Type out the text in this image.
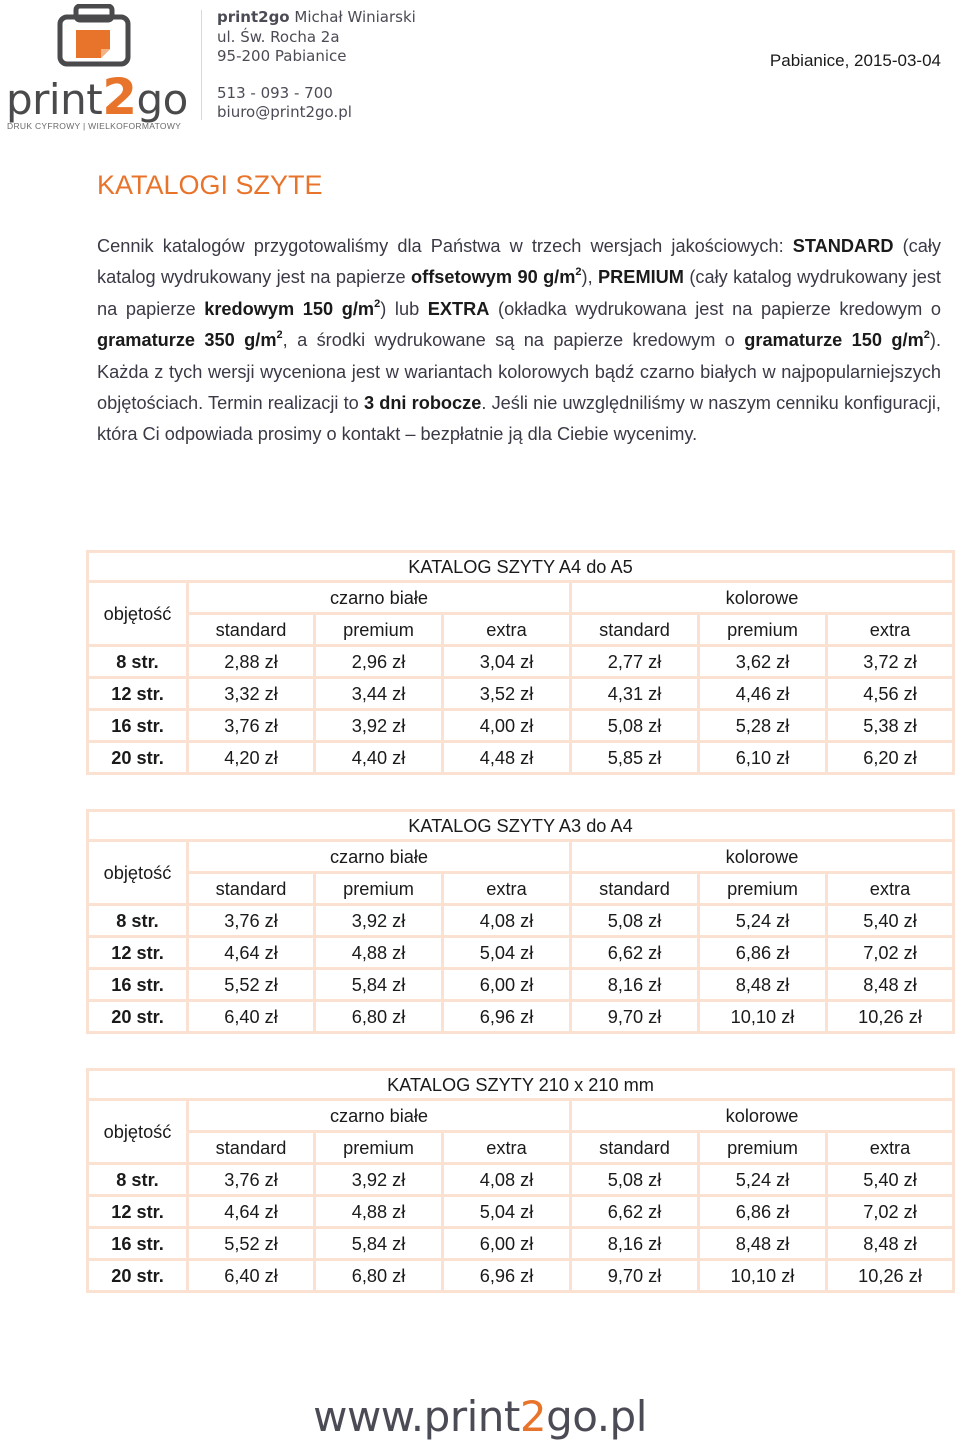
print2go
DRUK CYFROWY | WIELKOFORMATOWY
print2go Michał Winiarski
ul. Św. Rocha 2a
95-200 Pabianice
513 - 093 - 700
biuro@print2go.pl
Pabianice, 2015-03-04
KATALOGI SZYTE

Cennik katalogów przygotowaliśmy dla Państwa w trzech wersjach jakościowych: STANDARD (cały katalog wydrukowany jest na papierze offsetowym 90 $g/m^2$), PREMIUM (cały katalog wydrukowany jest na papierze kredowym 150 $g/m^2$) lub EXTRA (okładka wydrukowana jest na papierze kredowym o gramaturze 350 $g/m^2$, a środki wydrukowane są na papierze kredowym o gramaturze 150 $g/m^2$). Każda z tych wersji wyceniona jest w wariantach kolorowych bądź czarno białych w najpopularniejszych objętościach. Termin realizacji to 3 dni robocze. Jeśli nie uwzględniliśmy w naszym cenniku konfiguracji, która Ci odpowiada prosimy o kontakt – bezpłatnie ją dla Ciebie wycenimy.

KATALOG SZYTY A4 do A5						
objętość	czarno białe			kolorowe		
	standard	premium	extra	standard	premium	extra
8 str.	2,88 zł	2,96 zł	3,04 zł	2,77 zł	3,62 zł	3,72 zł
12 str.	3,32 zł	3,44 zł	3,52 zł	4,31 zł	4,46 zł	4,56 zł
16 str.	3,76 zł	3,92 zł	4,00 zł	5,08 zł	5,28 zł	5,38 zł
20 str.	4,20 zł	4,40 zł	4,48 zł	5,85 zł	6,10 zł	6,20 zł
KATALOG SZYTY A3 do A4						
objętość	czarno białe			kolorowe		
	standard	premium	extra	standard	premium	extra
8 str.	3,76 zł	3,92 zł	4,08 zł	5,08 zł	5,24 zł	5,40 zł
12 str.	4,64 zł	4,88 zł	5,04 zł	6,62 zł	6,86 zł	7,02 zł
16 str.	5,52 zł	5,84 zł	6,00 zł	8,16 zł	8,48 zł	8,48 zł
20 str.	6,40 zł	6,80 zł	6,96 zł	9,70 zł	10,10 zł	10,26 zł
KATALOG SZYTY 210 x 210 mm						
objętość	czarno białe			kolorowe		
	standard	premium	extra	standard	premium	extra
8 str.	3,76 zł	3,92 zł	4,08 zł	5,08 zł	5,24 zł	5,40 zł
12 str.	4,64 zł	4,88 zł	5,04 zł	6,62 zł	6,86 zł	7,02 zł
16 str.	5,52 zł	5,84 zł	6,00 zł	8,16 zł	8,48 zł	8,48 zł
20 str.	6,40 zł	6,80 zł	6,96 zł	9,70 zł	10,10 zł	10,26 zł
www.print2go.pl
